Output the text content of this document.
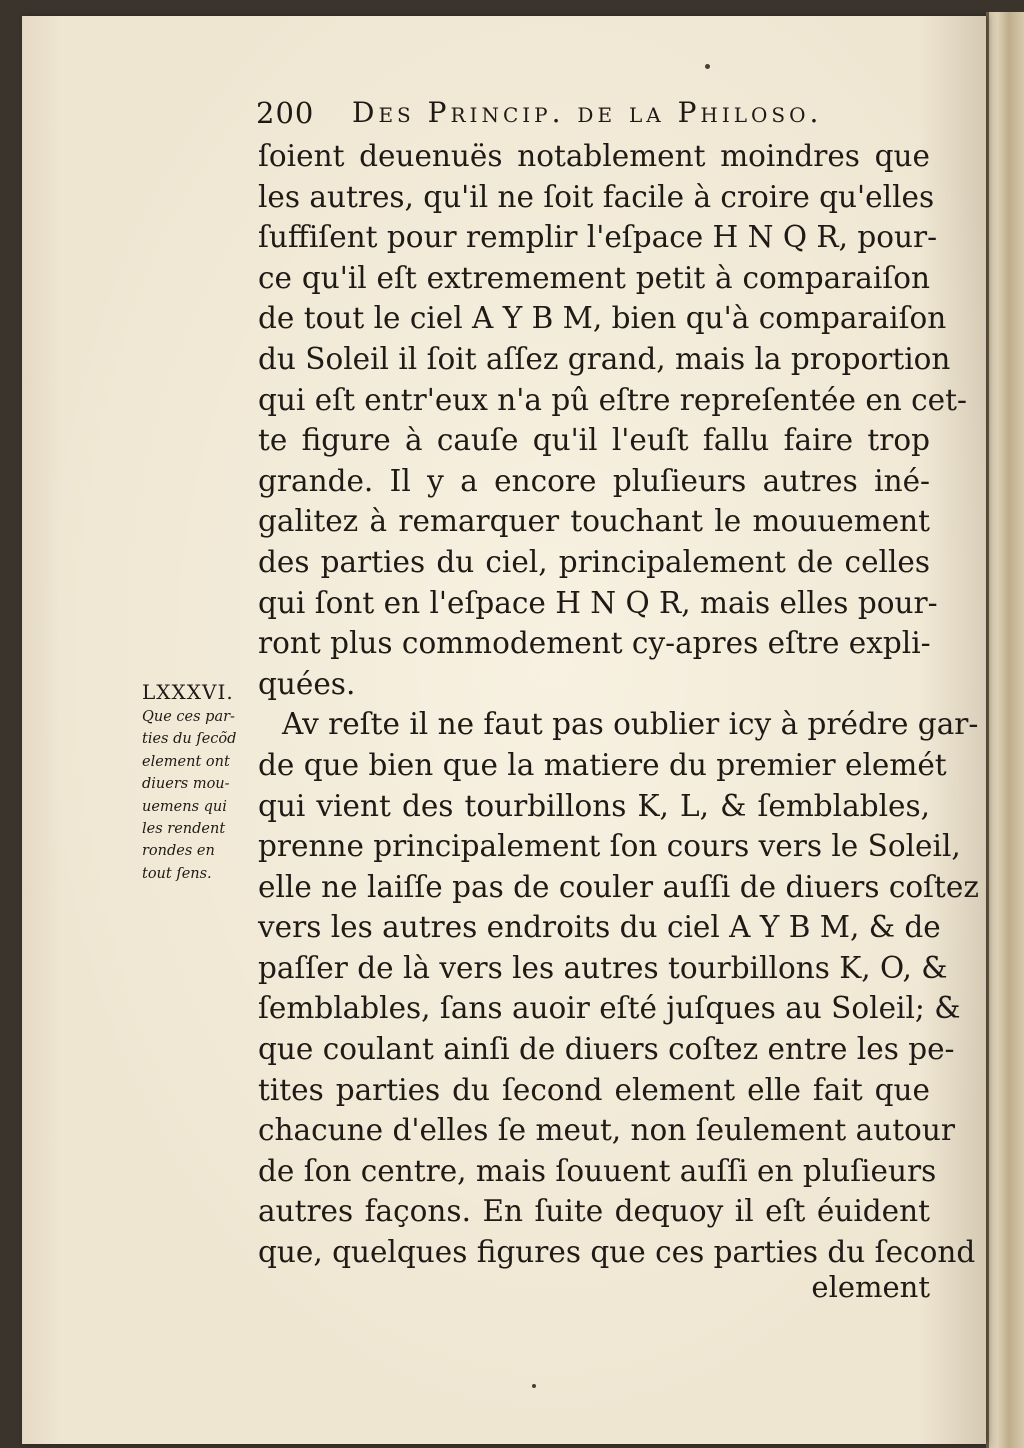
200 Des Princip. de la Philoso.
ſoient deuenuës notablement moindres que
les autres, qu'il ne ſoit facile à croire qu'elles
ſuffiſent pour remplir l'eſpace H N Q R, pour-
ce qu'il eſt extremement petit à comparaiſon
de tout le ciel A Y B M, bien qu'à comparaiſon
du Soleil il ſoit aſſez grand, mais la proportion
qui eſt entr'eux n'a pû eſtre repreſentée en cet-
te figure à cauſe qu'il l'euſt fallu faire trop
grande. Il y a encore pluſieurs autres iné-
galitez à remarquer touchant le mouuement
des parties du ciel, principalement de celles
qui ſont en l'eſpace H N Q R, mais elles pour-
ront plus commodement cy-apres eſtre expli-
quées.
Av reſte il ne faut pas oublier icy à prédre gar-
de que bien que la matiere du premier elemét
qui vient des tourbillons K, L, & ſemblables,
prenne principalement ſon cours vers le Soleil,
elle ne laiſſe pas de couler auſſi de diuers coſtez
vers les autres endroits du ciel A Y B M, & de
paſſer de là vers les autres tourbillons K, O, &
ſemblables, ſans auoir eſté juſques au Soleil; &
que coulant ainſi de diuers coſtez entre les pe-
tites parties du ſecond element elle fait que
chacune d'elles ſe meut, non ſeulement autour
de ſon centre, mais ſouuent auſſi en pluſieurs
autres façons. En ſuite dequoy il eſt éuident
que, quelques figures que ces parties du ſecond
element
LXXXVI.
Que ces par-
ties du ſecõd
element ont
diuers mou-
uemens qui
les rendent
rondes en
tout ſens.
